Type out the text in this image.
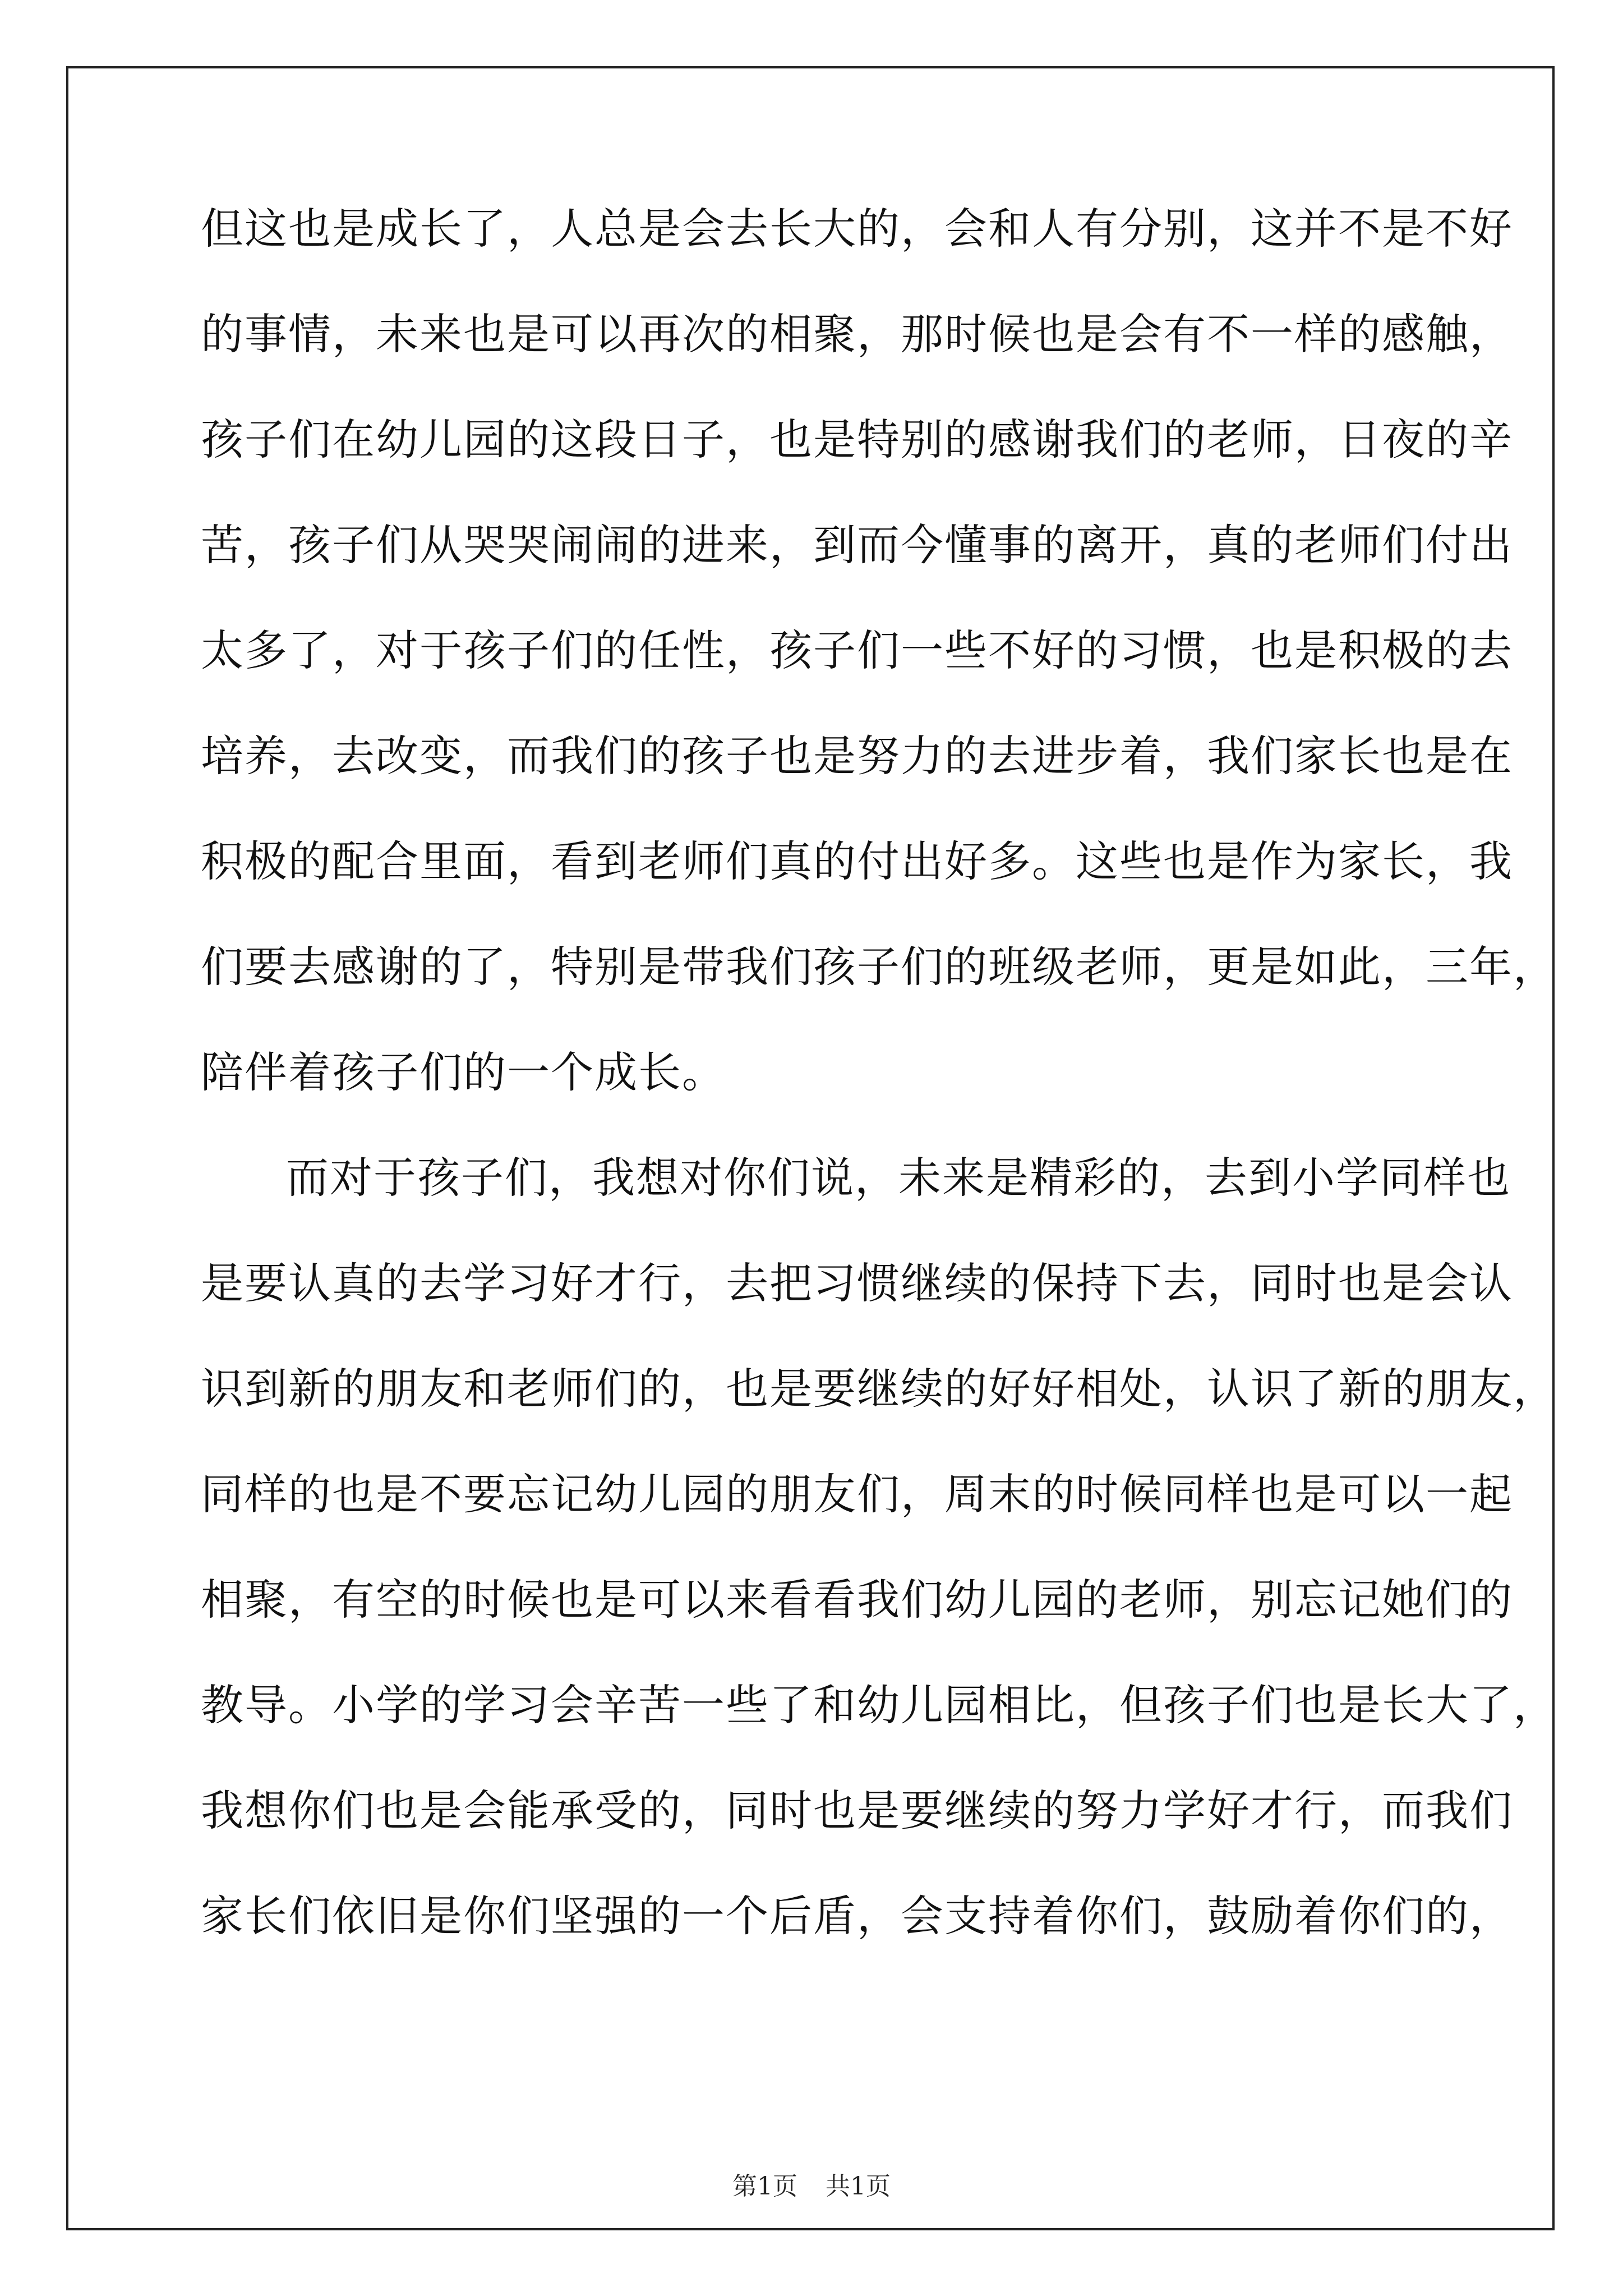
但这也是成长了，人总是会去长大的，会和人有分别，这并不是不好
的事情，未来也是可以再次的相聚，那时候也是会有不一样的感触，
孩子们在幼儿园的这段日子，也是特别的感谢我们的老师，日夜的辛
苦，孩子们从哭哭闹闹的进来，到而今懂事的离开，真的老师们付出
太多了，对于孩子们的任性，孩子们一些不好的习惯，也是积极的去
培养，去改变，而我们的孩子也是努力的去进步着，我们家长也是在
积极的配合里面，看到老师们真的付出好多。这些也是作为家长，我
们要去感谢的了，特别是带我们孩子们的班级老师，更是如此，三年，
陪伴着孩子们的一个成长。
而对于孩子们，我想对你们说，未来是精彩的，去到小学同样也
是要认真的去学习好才行，去把习惯继续的保持下去，同时也是会认
识到新的朋友和老师们的，也是要继续的好好相处，认识了新的朋友，
同样的也是不要忘记幼儿园的朋友们，周末的时候同样也是可以一起
相聚，有空的时候也是可以来看看我们幼儿园的老师，别忘记她们的
教导。小学的学习会辛苦一些了和幼儿园相比，但孩子们也是长大了，
我想你们也是会能承受的，同时也是要继续的努力学好才行，而我们
家长们依旧是你们坚强的一个后盾，会支持着你们，鼓励着你们的，
第1页 共1页
